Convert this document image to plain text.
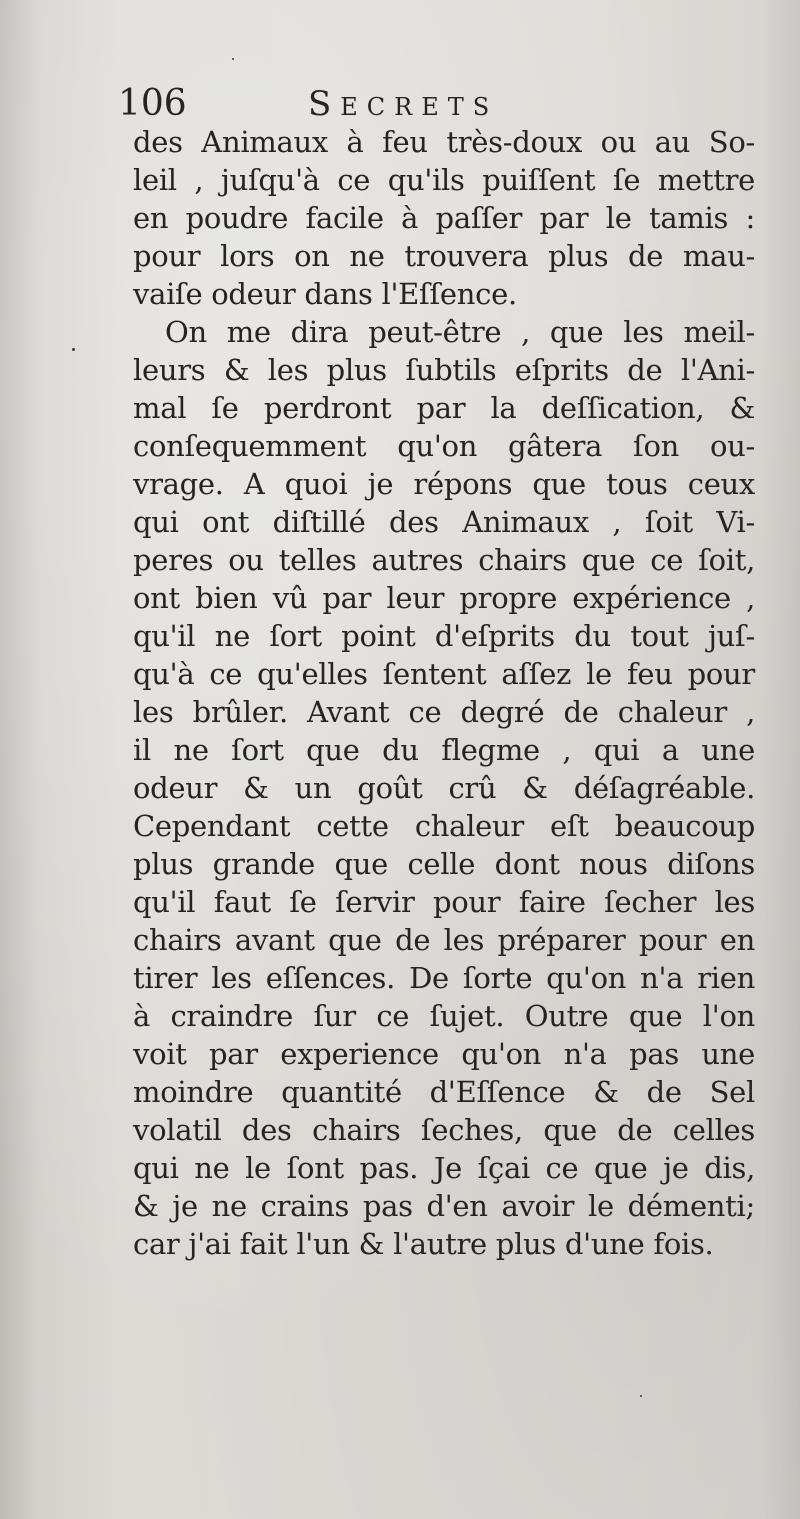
106	Secrets
des Animaux à feu très-doux ou au So-
leil , juſqu'à ce qu'ils puiſſent ſe mettre
en poudre facile à paſſer par le tamis :
pour lors on ne trouvera plus de mau-
vaiſe odeur dans l'Eſſence.
On me dira peut-être , que les meil-
leurs & les plus ſubtils eſprits de l'Ani-
mal ſe perdront par la deſſication, &
conſequemment qu'on gâtera ſon ou-
vrage. A quoi je répons que tous ceux
qui ont diſtillé des Animaux , ſoit Vi-
peres ou telles autres chairs que ce ſoit,
ont bien vû par leur propre expérience ,
qu'il ne ſort point d'eſprits du tout juſ-
qu'à ce qu'elles ſentent aſſez le feu pour
les brûler. Avant ce degré de chaleur ,
il ne ſort que du flegme , qui a une
odeur & un goût crû & déſagréable.
Cependant cette chaleur eſt beaucoup
plus grande que celle dont nous diſons
qu'il faut ſe ſervir pour faire ſecher les
chairs avant que de les préparer pour en
tirer les eſſences. De ſorte qu'on n'a rien
à craindre ſur ce ſujet. Outre que l'on
voit par experience qu'on n'a pas une
moindre quantité d'Eſſence & de Sel
volatil des chairs ſeches, que de celles
qui ne le ſont pas. Je ſçai ce que je dis,
& je ne crains pas d'en avoir le démenti;
car j'ai fait l'un & l'autre plus d'une fois.
